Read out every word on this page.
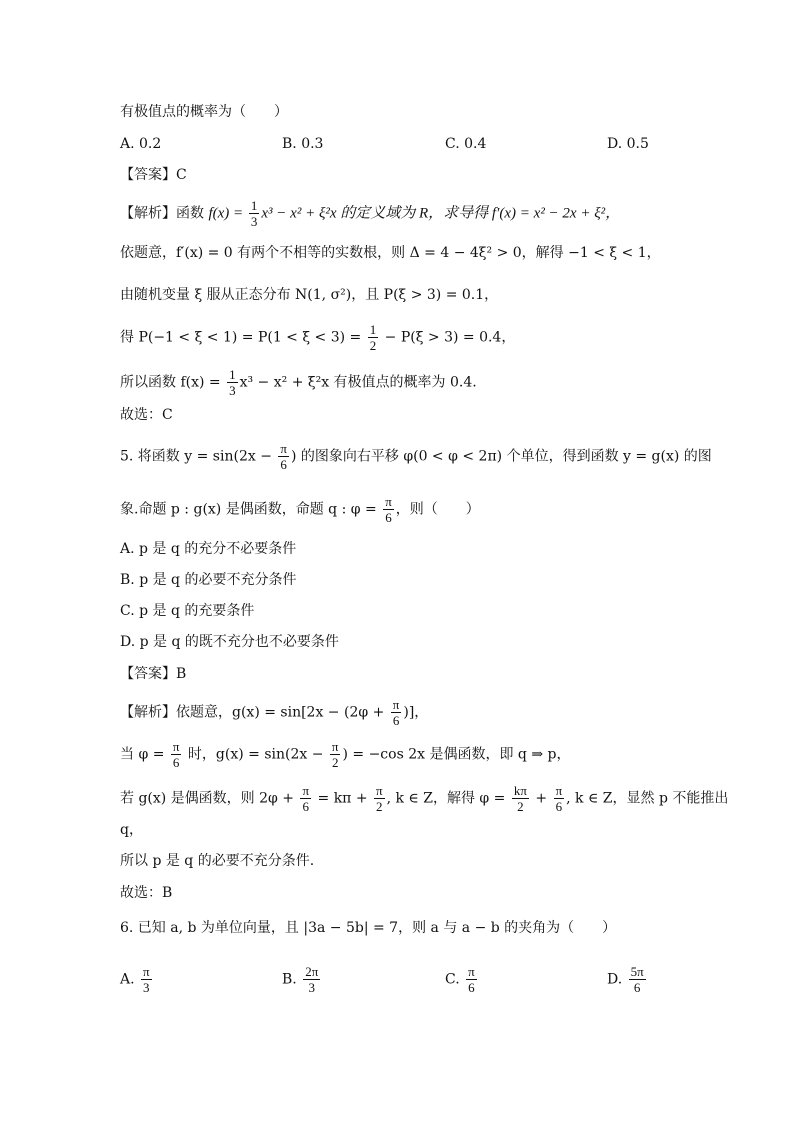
有极值点的概率为（　　）
A. 0.2	B. 0.3	C. 0.4	D. 0.5
【答案】C
【解析】函数 $f(x) = \frac{1}{3} x^3 - x^2 + \xi^2x$ 的定义域为 R，求导得 f′(x) = x² − 2x + ξ²，
依题意，f′(x) = 0 有两个不相等的实数根，则 Δ = 4 − 4ξ² > 0，解得 −1 < ξ < 1，
由随机变量 ξ 服从正态分布 N(1, σ²)，且 P(ξ > 3) = 0.1，
得 $P(-1 < \xi < 1) = P(1 < \xi < 3) = \frac{1}{2} - P(\xi > 3) = 0.4$，
所以函数 $f(x) = \frac{1}{3} x^3 - x^2 + \xi^2x$ 有极值点的概率为 0.4.
故选：C
5. 将函数 $y = \sin(2x - \frac{\pi}{6}$ ) 的图象向右平移 φ(0 < φ < 2π) 个单位，得到函数 y = g(x) 的图
象.命题 p : g(x) 是偶函数，命题 q : $\varphi = \frac{\pi}{6}$ ，则（　　）
A. p 是 q 的充分不必要条件
B. p 是 q 的必要不充分条件
C. p 是 q 的充要条件
D. p 是 q 的既不充分也不必要条件
【答案】B
【解析】依题意，$g(x) = \sin[2x - (2\varphi + \frac{\pi}{6}$ )]，
当 $\varphi = \frac{\pi}{6}$ 时，$g(x) = \sin(2x - \frac{\pi}{2}$ ) = −cos 2x 是偶函数，即 q ⇒ p，
若 g(x) 是偶函数，则 $2\varphi + \frac{\pi}{6} = k\pi + \frac{\pi}{2}$ , k ∈ Z，解得 $\varphi = \frac{k\pi}{2} + \frac{\pi}{6}$ , k ∈ Z，显然 p 不能推出
q，
所以 p 是 q 的必要不充分条件.
故选：B
6. 已知 a, b 为单位向量，且 |3a − 5b| = 7，则 a 与 a − b 的夹角为（　　）
A. $\frac{\pi}{3}$	B. $\frac{2\pi}{3}$	C. $\frac{\pi}{6}$	D. $\frac{5\pi}{6}$
